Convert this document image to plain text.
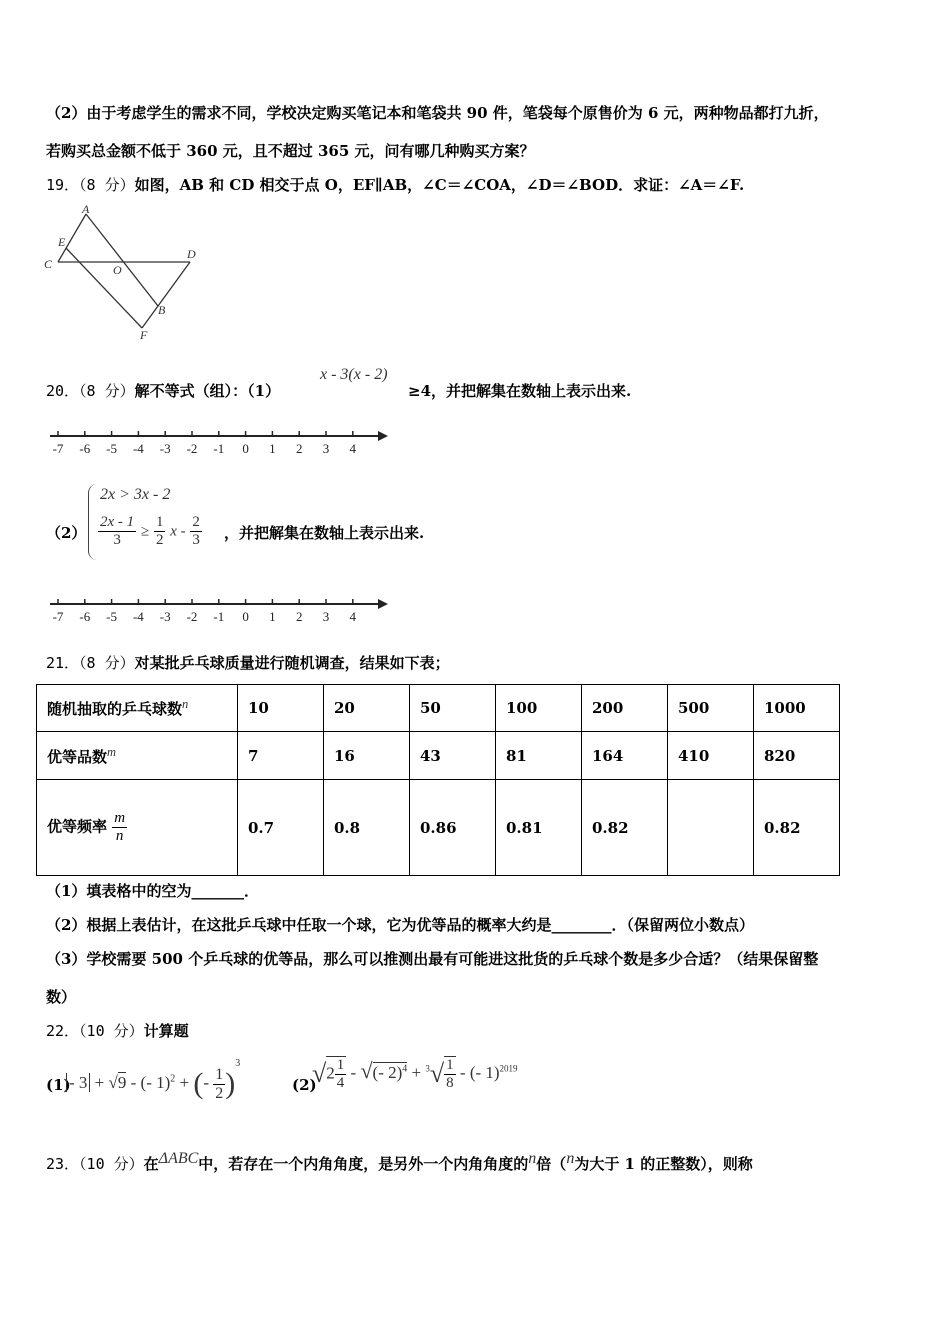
（2）由于考虑学生的需求不同，学校决定购买笔记本和笔袋共 90 件，笔袋每个原售价为 6 元，两种物品都打九折，
若购买总金额不低于 360 元，且不超过 365 元，问有哪几种购买方案？
19．（8 分）如图，AB 和 CD 相交于点 O，EF∥AB，∠C＝∠COA，∠D＝∠BOD．求证：∠A＝∠F.
A
E
C	O
D
B
F
20．（8 分）解不等式（组）：（1）
x - 3(x - 2)
≥4，并把解集在数轴上表示出来.
-7 -6 -5 -4 -3 -2 -1 0 1 2 3 4
（2）
2x > 3x - 2
$\frac{2x - 1}{3} \ge \frac{1}{2}$ x - $\frac{2}{3}$ ，并把解集在数轴上表示出来.
-7 -6 -5 -4 -3 -2 -1 0 1 2 3 4
21．（8 分）对某批乒乓球质量进行随机调查，结果如下表；
随机抽取的乒乓球数$^n$	10	20	50	100	200	500	1000
优等品数$^m$	7	16	43	81	164	410	820
优等频率 $\frac{m}{n}$	0.7	0.8	0.86	0.81	0.82		0.82
（1）填表格中的空为_______．
（2）根据上表估计，在这批乒乓球中任取一个球，它为优等品的概率大约是________．（保留两位小数点）
（3）学校需要 500 个乒乓球的优等品，那么可以推测出最有可能进这批货的乒乓球个数是多少合适？（结果保留整
数）
22．（10 分）计算题
(1)
- 3 + √9 - (- 1)$^2$ + (- $\frac{1}{2} )^3$
(2)
$√2 \frac{1}{4}$ - √(- $2)^4 + ^3√ \frac{1}{8}$ - (- 1)$^{2019}$
23．（10 分）在$^{\Delta ABC}$中，若存在一个内角角度，是另外一个内角角度的$^n$倍（$^n$为大于 1 的正整数），则称
